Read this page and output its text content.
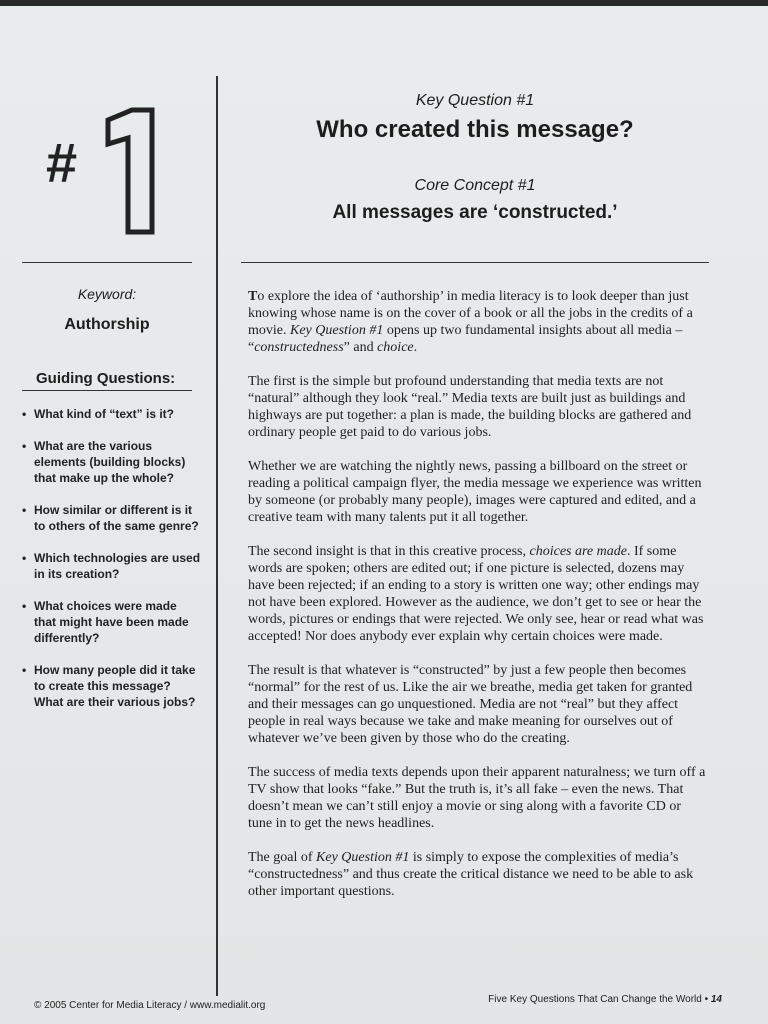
#
Key Question #1
Who created this message?
Core Concept #1
All messages are ‘constructed.’
Keyword:
Authorship
Guiding Questions:
• What kind of “text” is it?
• What are the various elements (building blocks) that make up the whole?
• How similar or different is it to others of the same genre?
• Which technologies are used in its creation?
• What choices were made that might have been made differently?
• How many people did it take to create this message? What are their various jobs?

To explore the idea of ‘authorship’ in media literacy is to look deeper than just knowing whose name is on the cover of a book or all the jobs in the credits of a movie. Key Question #1 opens up two fundamental insights about all media – “constructedness” and choice.

The first is the simple but profound understanding that media texts are not “natural” although they look “real.” Media texts are built just as buildings and highways are put together: a plan is made, the building blocks are gathered and ordinary people get paid to do various jobs.

Whether we are watching the nightly news, passing a billboard on the street or reading a political campaign flyer, the media message we experience was written by someone (or probably many people), images were captured and edited, and a creative team with many talents put it all together.

The second insight is that in this creative process, choices are made. If some words are spoken; others are edited out; if one picture is selected, dozens may have been rejected; if an ending to a story is written one way; other endings may not have been explored. However as the audience, we don’t get to see or hear the words, pictures or endings that were rejected. We only see, hear or read what was accepted! Nor does anybody ever explain why certain choices were made.

The result is that whatever is “constructed” by just a few people then becomes “normal” for the rest of us. Like the air we breathe, media get taken for granted and their messages can go unquestioned. Media are not “real” but they affect people in real ways because we take and make meaning for ourselves out of whatever we’ve been given by those who do the creating.

The success of media texts depends upon their apparent naturalness; we turn off a TV show that looks “fake.” But the truth is, it’s all fake – even the news. That doesn’t mean we can’t still enjoy a movie or sing along with a favorite CD or tune in to get the news headlines.

The goal of Key Question #1 is simply to expose the complexities of media’s “constructedness” and thus create the critical distance we need to be able to ask other important questions.

© 2005 Center for Media Literacy / www.medialit.org
Five Key Questions That Can Change the World • 14
